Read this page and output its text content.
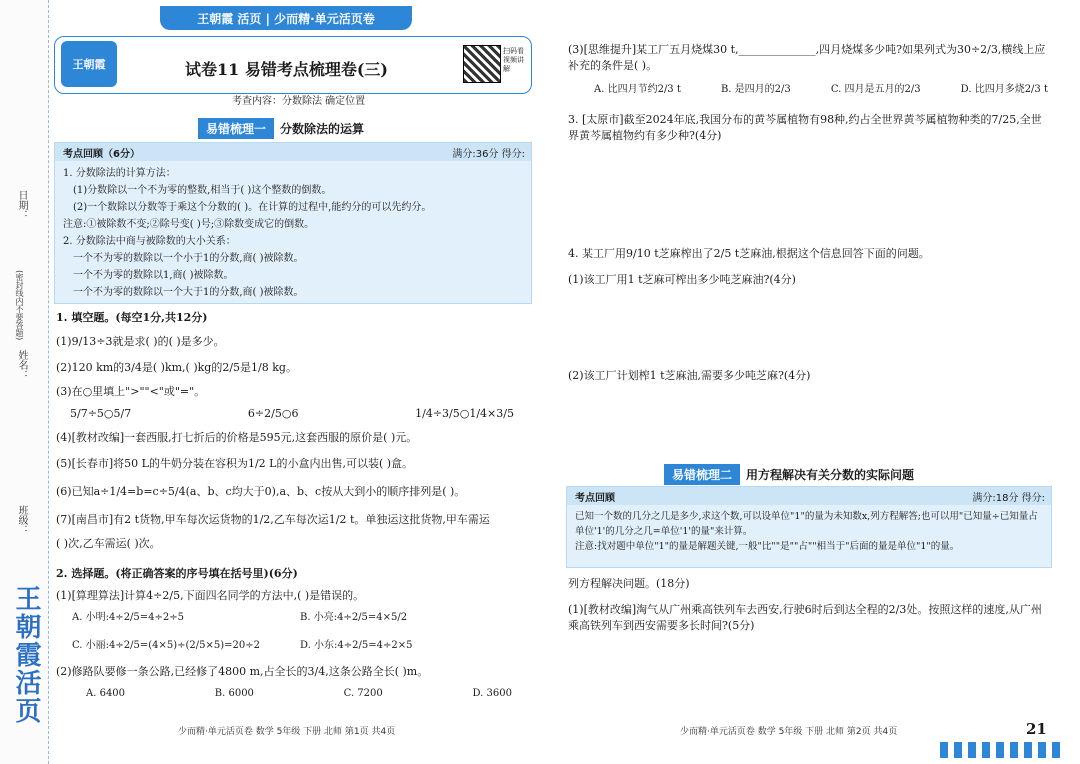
日期：
(密封线内不要答题)
姓名：
班级：
王朝霞活页
王朝霞 活页 | 少而精·单元活页卷
王朝霞	试卷11 易错考点梳理卷(三)
扫码看视频讲解
考查内容：分数除法 确定位置
易错梳理一	分数除法的运算
考点回顾（6分）	满分:36分 得分:
1. 分数除法的计算方法：
(1)分数除以一个不为零的整数,相当于( )这个整数的倒数。
(2)一个数除以分数等于乘这个分数的( )。在计算的过程中,能约分的可以先约分。
注意:①被除数不变;②除号变( )号;③除数变成它的倒数。
2. 分数除法中商与被除数的大小关系：
一个不为零的数除以一个小于1的分数,商( )被除数。
一个不为零的数除以1,商( )被除数。
一个不为零的数除以一个大于1的分数,商( )被除数。
1. 填空题。(每空1分,共12分)
(1)9/13÷3就是求( )的( )是多少。
(2)120 km的3/4是( )km,( )kg的2/5是1/8 kg。
(3)在○里填上">""<"或"="。
5/7÷5○5/7	6÷2/5○6	1/4÷3/5○1/4×3/5
(4)[教材改编]一套西服,打七折后的价格是595元,这套西服的原价是( )元。
(5)[长春市]将50 L的牛奶分装在容积为1/2 L的小盒内出售,可以装( )盒。
(6)已知a÷1/4=b=c÷5/4(a、b、c均大于0),a、b、c按从大到小的顺序排列是( )。
(7)[南昌市]有2 t货物,甲车每次运货物的1/2,乙车每次运1/2 t。单独运这批货物,甲车需运
( )次,乙车需运( )次。
2. 选择题。(将正确答案的序号填在括号里)(6分)
(1)[算理算法]计算4÷2/5,下面四名同学的方法中,( )是错误的。
A. 小明:4÷2/5=4÷2÷5	B. 小亮:4÷2/5=4×5/2
C. 小丽:4÷2/5=(4×5)÷(2/5×5)=20÷2	D. 小东:4÷2/5=4÷2×5
(2)修路队要修一条公路,已经修了4800 m,占全长的3/4,这条公路全长( )m。
A. 6400	B. 6000	C. 7200	D. 3600
少而精·单元活页卷 数学 5年级 下册 北师 第1页 共4页
(3)[思维提升]某工厂五月烧煤30 t,______________,四月烧煤多少吨?如果列式为30÷2/3,横线上应补充的条件是( )。
A. 比四月节约2/3 t	B. 是四月的2/3	C. 四月是五月的2/3	D. 比四月多烧2/3 t
3. [太原市]截至2024年底,我国分布的黄芩属植物有98种,约占全世界黄芩属植物种类的7/25,全世界黄芩属植物约有多少种?(4分)
4. 某工厂用9/10 t芝麻榨出了2/5 t芝麻油,根据这个信息回答下面的问题。
(1)该工厂用1 t芝麻可榨出多少吨芝麻油?(4分)
(2)该工厂计划榨1 t芝麻油,需要多少吨芝麻?(4分)
易错梳理二	用方程解决有关分数的实际问题
考点回顾	满分:18分 得分:
已知一个数的几分之几是多少,求这个数,可以设单位"1"的量为未知数x,列方程解答;也可以用"已知量÷已知量占单位'1'的几分之几=单位'1'的量"来计算。
注意:找对题中单位"1"的量是解题关键,一般"比""是""占""相当于"后面的量是单位"1"的量。
列方程解决问题。(18分)
(1)[教材改编]淘气从广州乘高铁列车去西安,行驶6时后到达全程的2/3处。按照这样的速度,从广州乘高铁列车到西安需要多长时间?(5分)
少而精·单元活页卷 数学 5年级 下册 北师 第2页 共4页	21
